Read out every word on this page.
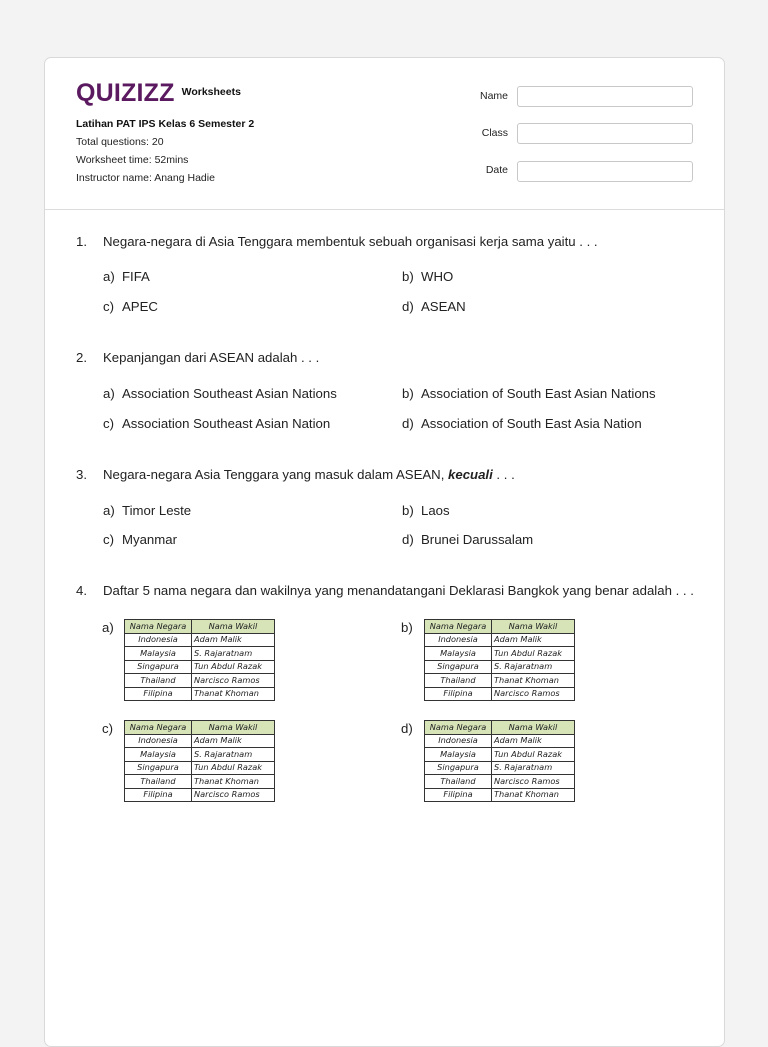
QUIZIZZ Worksheets
Latihan PAT IPS Kelas 6 Semester 2
Total questions: 20
Worksheet time: 52mins
Instructor name: Anang Hadie
Name
Class
Date
1. Negara-negara di Asia Tenggara membentuk sebuah organisasi kerja sama yaitu . . .
a) FIFA	b) WHO
c) APEC	d) ASEAN
2. Kepanjangan dari ASEAN adalah . . .
a) Association Southeast Asian Nations	b) Association of South East Asian Nations
c) Association Southeast Asian Nation	d) Association of South East Asia Nation
3. Negara-negara Asia Tenggara yang masuk dalam ASEAN, kecuali . . .
a) Timor Leste	b) Laos
c) Myanmar	d) Brunei Darussalam
4. Daftar 5 nama negara dan wakilnya yang menandatangani Deklarasi Bangkok yang benar adalah . . .
a) Nama Negara	Nama Wakil
Indonesia	Adam Malik
Malaysia	S. Rajaratnam
Singapura	Tun Abdul Razak
Thailand	Narcisco Ramos
Filipina	Thanat Khoman
b) Nama Negara	Nama Wakil
Indonesia	Adam Malik
Malaysia	Tun Abdul Razak
Singapura	S. Rajaratnam
Thailand	Thanat Khoman
Filipina	Narcisco Ramos
c) Nama Negara	Nama Wakil
Indonesia	Adam Malik
Malaysia	S. Rajaratnam
Singapura	Tun Abdul Razak
Thailand	Thanat Khoman
Filipina	Narcisco Ramos
d) Nama Negara	Nama Wakil
Indonesia	Adam Malik
Malaysia	Tun Abdul Razak
Singapura	S. Rajaratnam
Thailand	Narcisco Ramos
Filipina	Thanat Khoman
